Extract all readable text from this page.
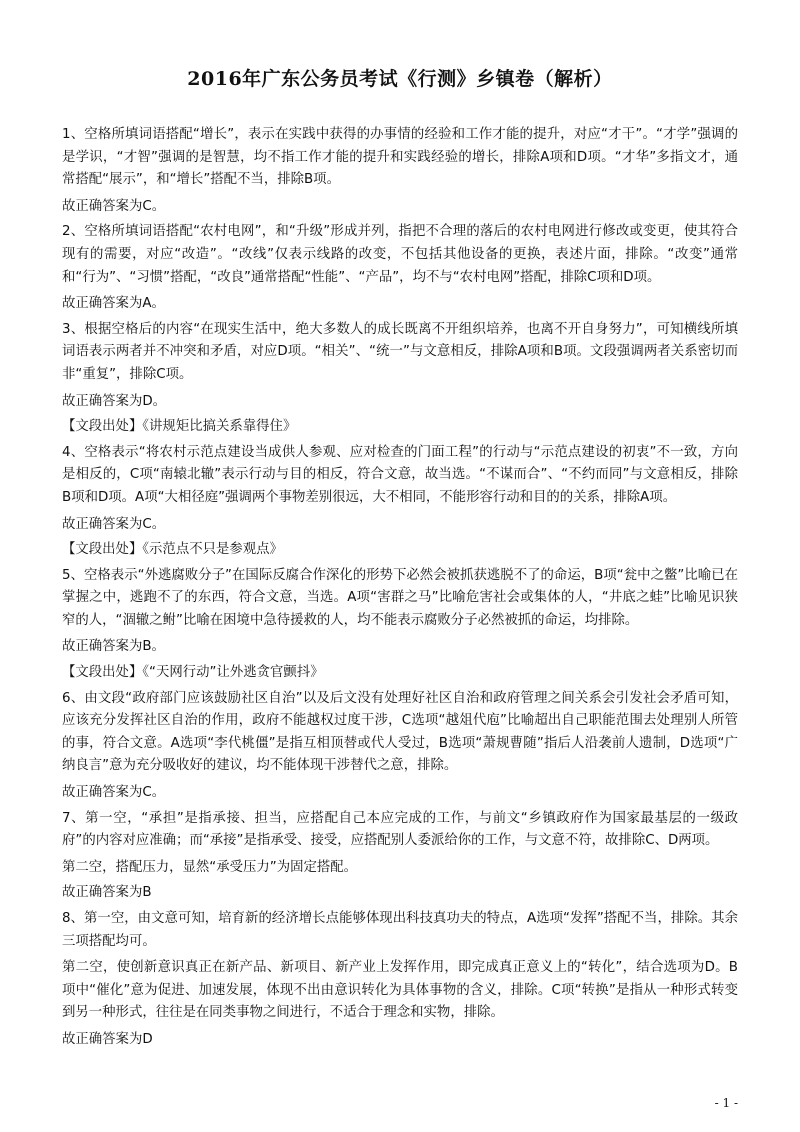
2016年广东公务员考试《行测》乡镇卷（解析）

1、空格所填词语搭配“增长”，表示在实践中获得的办事情的经验和工作才能的提升，对应“才干”。“才学”强调的是学识，“才智”强调的是智慧，均不指工作才能的提升和实践经验的增长，排除A项和D项。“才华”多指文才，通常搭配“展示”，和“增长”搭配不当，排除B项。

故正确答案为C。

2、空格所填词语搭配“农村电网”，和“升级”形成并列，指把不合理的落后的农村电网进行修改或变更，使其符合现有的需要，对应“改造”。“改线”仅表示线路的改变，不包括其他设备的更换，表述片面，排除。“改变”通常和“行为”、“习惯”搭配，“改良”通常搭配“性能”、“产品”，均不与“农村电网”搭配，排除C项和D项。

故正确答案为A。

3、根据空格后的内容“在现实生活中，绝大多数人的成长既离不开组织培养，也离不开自身努力”，可知横线所填词语表示两者并不冲突和矛盾，对应D项。“相关”、“统一”与文意相反，排除A项和B项。文段强调两者关系密切而非“重复”，排除C项。

故正确答案为D。

【文段出处】《讲规矩比搞关系靠得住》

4、空格表示“将农村示范点建设当成供人参观、应对检查的门面工程”的行动与“示范点建设的初衷”不一致，方向是相反的，C项“南辕北辙”表示行动与目的相反，符合文意，故当选。“不谋而合”、“不约而同”与文意相反，排除B项和D项。A项“大相径庭”强调两个事物差别很远，大不相同，不能形容行动和目的的关系，排除A项。

故正确答案为C。

【文段出处】《示范点不只是参观点》

5、空格表示“外逃腐败分子”在国际反腐合作深化的形势下必然会被抓获逃脱不了的命运，B项“瓮中之鳖”比喻已在掌握之中，逃跑不了的东西，符合文意，当选。A项“害群之马”比喻危害社会或集体的人，“井底之蛙”比喻见识狭窄的人，“涸辙之鲋”比喻在困境中急待援救的人，均不能表示腐败分子必然被抓的命运，均排除。

故正确答案为B。

【文段出处】《“天网行动”让外逃贪官颤抖》

6、由文段“政府部门应该鼓励社区自治”以及后文没有处理好社区自治和政府管理之间关系会引发社会矛盾可知，应该充分发挥社区自治的作用，政府不能越权过度干涉，C选项“越俎代庖”比喻超出自己职能范围去处理别人所管的事，符合文意。A选项“李代桃僵”是指互相顶替或代人受过，B选项“萧规曹随”指后人沿袭前人遗制，D选项“广纳良言”意为充分吸收好的建议，均不能体现干涉替代之意，排除。

故正确答案为C。

7、第一空，“承担”是指承接、担当，应搭配自己本应完成的工作，与前文“乡镇政府作为国家最基层的一级政府”的内容对应准确；而“承接”是指承受、接受，应搭配别人委派给你的工作，与文意不符，故排除C、D两项。

第二空，搭配压力，显然“承受压力”为固定搭配。

故正确答案为B

8、第一空，由文意可知，培育新的经济增长点能够体现出科技真功夫的特点，A选项“发挥”搭配不当，排除。其余三项搭配均可。

第二空，使创新意识真正在新产品、新项目、新产业上发挥作用，即完成真正意义上的“转化”，结合选项为D。B项中“催化”意为促进、加速发展，体现不出由意识转化为具体事物的含义，排除。C项“转换”是指从一种形式转变到另一种形式，往往是在同类事物之间进行，不适合于理念和实物，排除。

故正确答案为D

- 1 -
